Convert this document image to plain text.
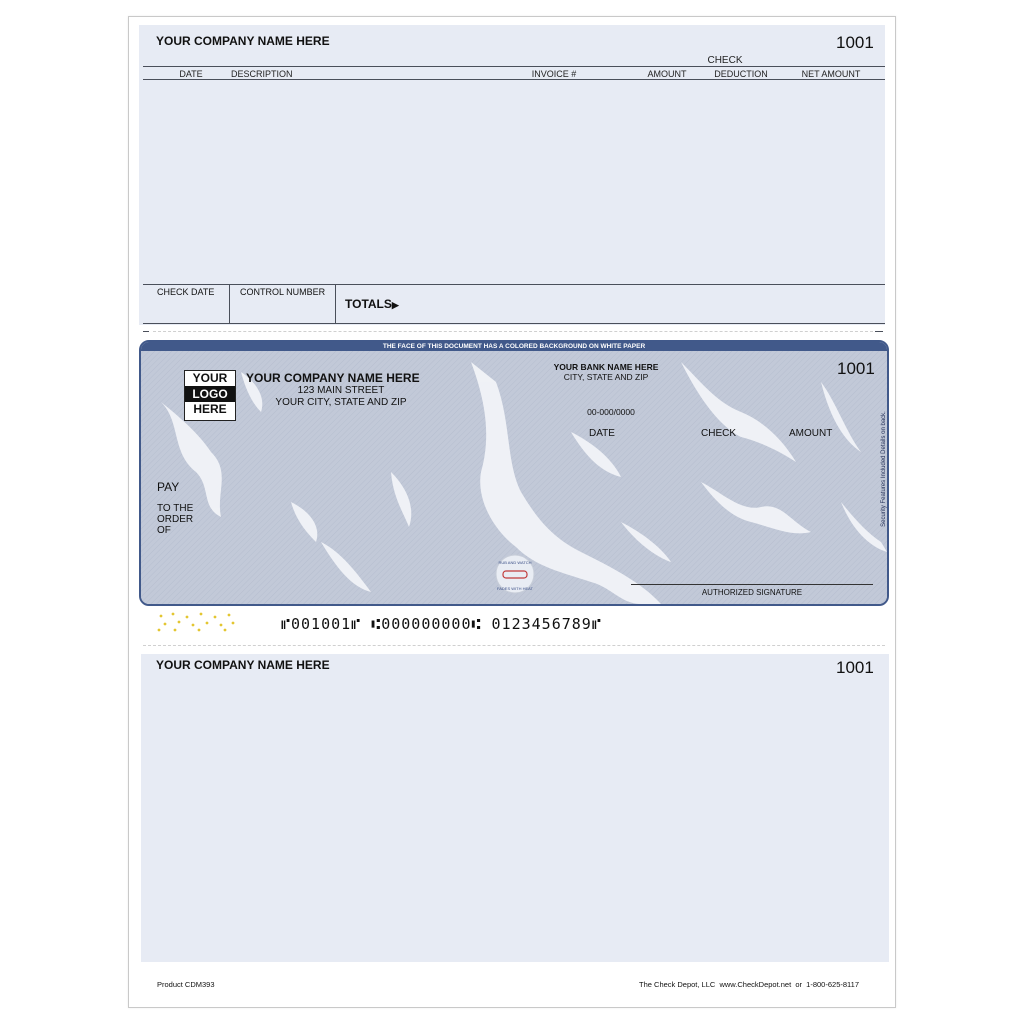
YOUR COMPANY NAME HERE	1001
CHECK
DATE	DESCRIPTION	INVOICE #	AMOUNT	DEDUCTION	NET AMOUNT
CHECK DATE	CONTROL NUMBER
TOTALS▶
THE FACE OF THIS DOCUMENT HAS A COLORED BACKGROUND ON WHITE PAPER
YOUR
LOGO
HERE
YOUR COMPANY NAME HERE
123 MAIN STREET
YOUR CITY, STATE AND ZIP
YOUR BANK NAME HERE
CITY, STATE AND ZIP
00-000/0000
1001
DATE	CHECK	AMOUNT
PAY
TO THE
ORDER
OF
RUB AND WATCH
FADES WITH HEAT	AUTHORIZED SIGNATURE
Security Features Included Details on back.
⑈001001⑈ ⑆000000000⑆ 0123456789⑈
YOUR COMPANY NAME HERE	1001
Product CDM393	The Check Depot, LLC  www.CheckDepot.net  or  1-800-625-8117
